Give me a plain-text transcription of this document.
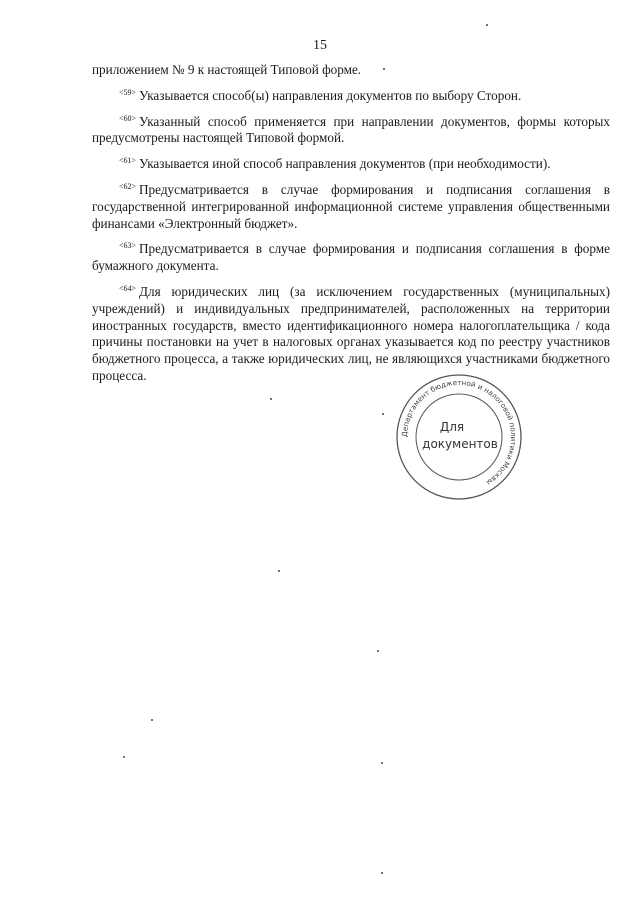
15

приложением № 9 к настоящей Типовой форме.

$^{<59>}$ Указывается способ(ы) направления документов по выбору Сторон.

$^{<60>}$ Указанный способ применяется при направлении документов, формы которых предусмотрены настоящей Типовой формой.

$^{<61>}$ Указывается иной способ направления документов (при необходимости).

$^{<62>}$ Предусматривается в случае формирования и подписания соглашения в государственной интегрированной информационной системе управления общественными финансами «Электронный бюджет».

$^{<63>}$ Предусматривается в случае формирования и подписания соглашения в форме бумажного документа.

$^{<64>}$ Для юридических лиц (за исключением государственных (муниципальных) учреждений) и индивидуальных предпринимателей, расположенных на территории иностранных государств, вместо идентификационного номера налогоплательщика / кода причины постановки на учет в налоговых органах указывается код по реестру участников бюджетного процесса, а также юридических лиц, не являющихся участниками бюджетного процесса.

Департамент бюджетной и налоговой политики Москвы
Для
документов
